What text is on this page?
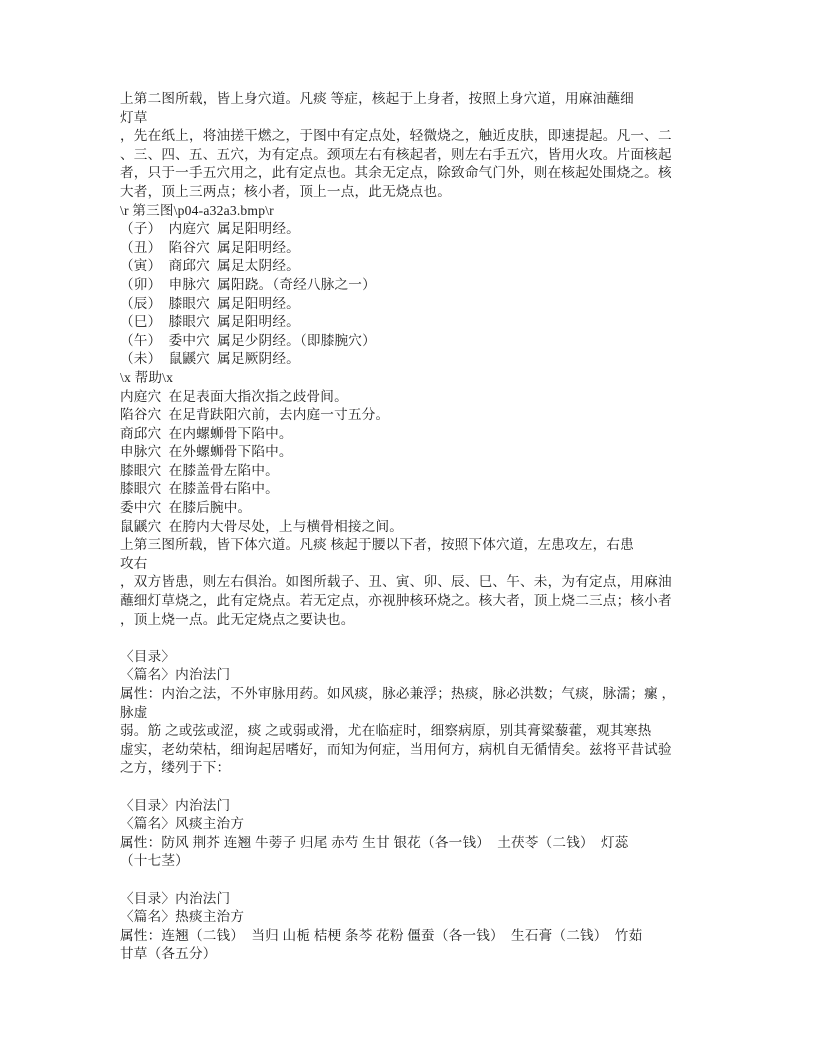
上第二图所载，皆上身穴道。凡痰 等症，核起于上身者，按照上身穴道，用麻油蘸细
灯草
，先在纸上，将油搓干燃之，于图中有定点处，轻微烧之，触近皮肤，即速提起。凡一、二
、三、四、五、五穴，为有定点。颈项左右有核起者，则左右手五穴，皆用火攻。片面核起
者，只于一手五穴用之，此有定点也。其余无定点，除致命气门外，则在核起处围烧之。核
大者，顶上三两点；核小者，顶上一点，此无烧点也。
\r 第三图\p04-a32a3.bmp\r
（子）  内庭穴  属足阳明经。
（丑）  陷谷穴  属足阳明经。
（寅）  商邱穴  属足太阴经。
（卯）  申脉穴  属阳跷。（奇经八脉之一）
（辰）  膝眼穴  属足阳明经。
（巳）  膝眼穴  属足阳明经。
（午）  委中穴  属足少阴经。（即膝腕穴）
（未）  鼠鼷穴  属足厥阴经。
\x 帮助\x
内庭穴  在足表面大指次指之歧骨间。
陷谷穴  在足背趺阳穴前，去内庭一寸五分。
商邱穴  在内螺蛳骨下陷中。
申脉穴  在外螺蛳骨下陷中。
膝眼穴  在膝盖骨左陷中。
膝眼穴  在膝盖骨右陷中。
委中穴  在膝后腕中。
鼠鼷穴  在胯内大骨尽处，上与横骨相接之间。
上第三图所载，皆下体穴道。凡痰 核起于腰以下者，按照下体穴道，左患攻左，右患
攻右
，双方皆患，则左右俱治。如图所载子、丑、寅、卯、辰、巳、午、未，为有定点，用麻油
蘸细灯草烧之，此有定烧点。若无定点，亦视肿核环烧之。核大者，顶上烧二三点；核小者
，顶上烧一点。此无定烧点之要诀也。

〈目录〉
〈篇名〉内治法门
属性：内治之法，不外审脉用药。如风痰，脉必兼浮；热痰，脉必洪数；气痰，脉濡；瘰 ，
脉虚
弱。筋 之或弦或涩，痰 之或弱或滑，尤在临症时，细察病原，别其膏粱藜藿，观其寒热
虚实，老幼荣枯，细询起居嗜好，而知为何症，当用何方，病机自无循情矣。兹将平昔试验
之方，缕列于下：

〈目录〉内治法门
〈篇名〉风痰主治方
属性：防风 荆芥 连翘 牛蒡子 归尾 赤芍 生甘 银花（各一钱）  土茯苓（二钱）  灯蕊
（十七茎）

〈目录〉内治法门
〈篇名〉热痰主治方
属性：连翘（二钱）  当归 山栀 桔梗 条芩 花粉 僵蚕（各一钱）  生石膏（二钱）  竹茹
甘草（各五分）
